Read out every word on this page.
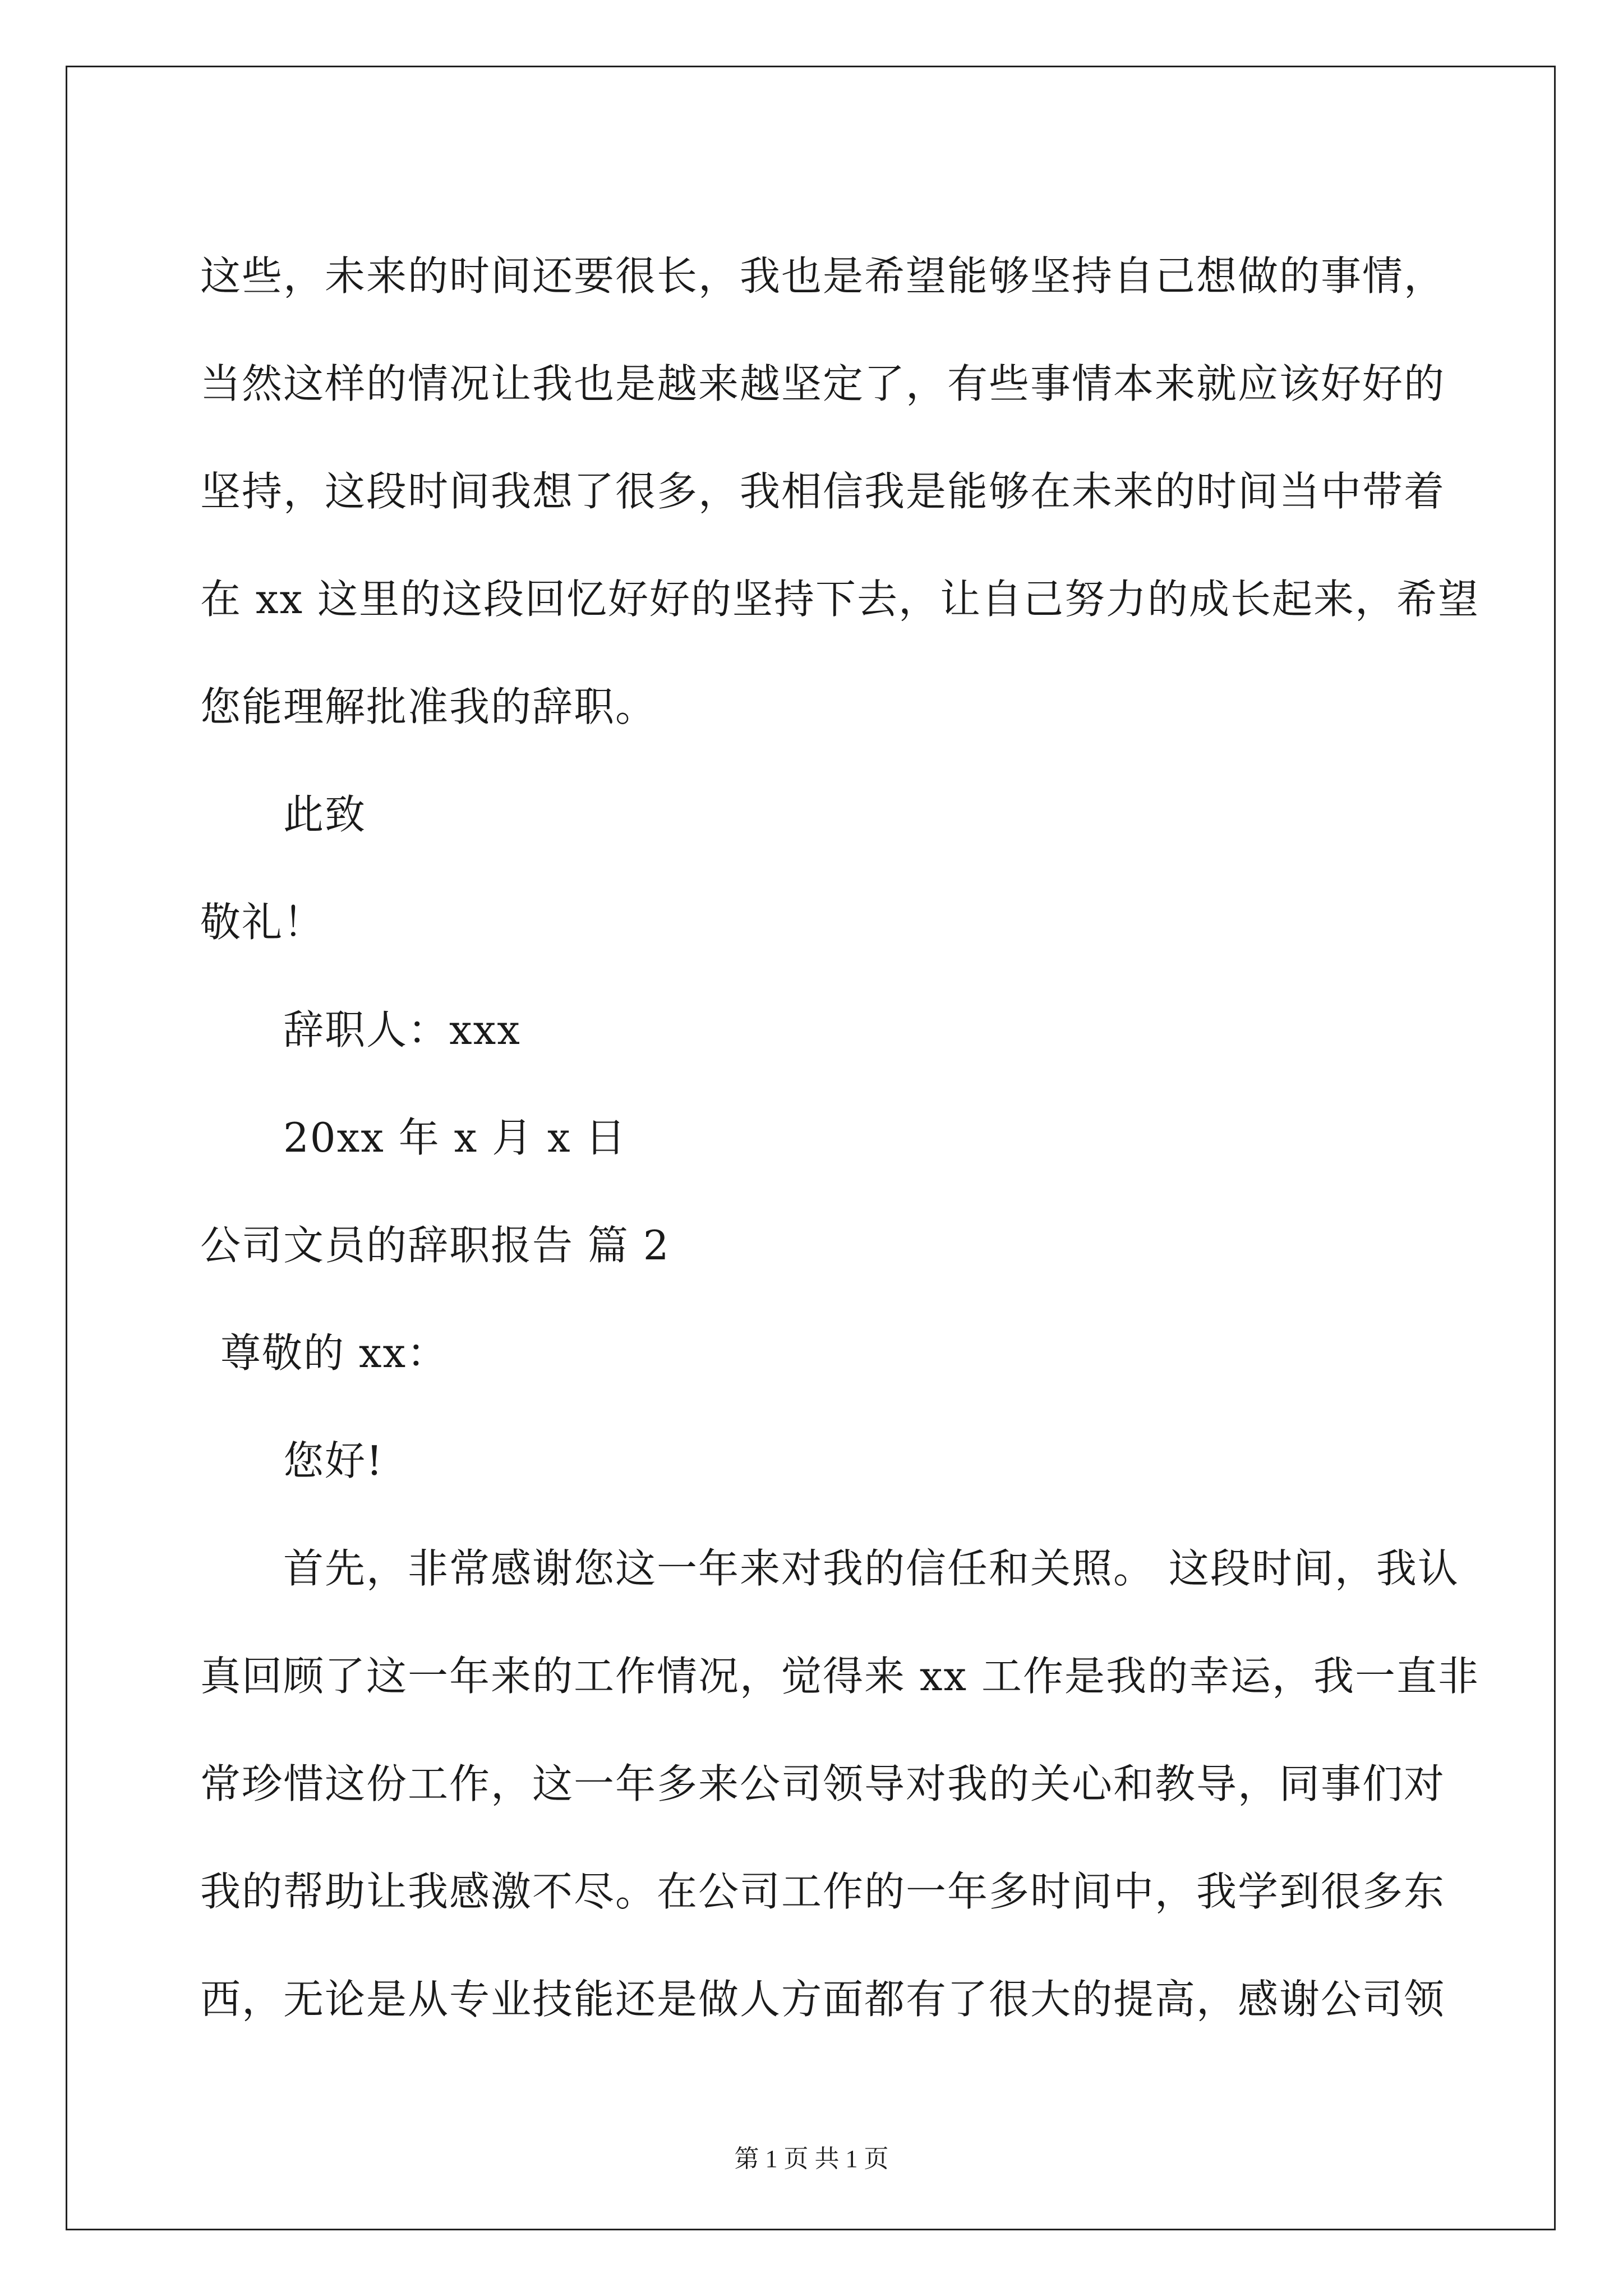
这些，未来的时间还要很长，我也是希望能够坚持自己想做的事情，
当然这样的情况让我也是越来越坚定了，有些事情本来就应该好好的
坚持，这段时间我想了很多，我相信我是能够在未来的时间当中带着
在 xx 这里的这段回忆好好的坚持下去，让自己努力的成长起来，希望
您能理解批准我的辞职。
此致
敬礼！
辞职人：xxx
20xx 年 x 月 x 日
公司文员的辞职报告 篇 2
尊敬的 xx：
您好!
首先，非常感谢您这一年来对我的信任和关照。 这段时间，我认
真回顾了这一年来的工作情况，觉得来 xx 工作是我的幸运，我一直非
常珍惜这份工作，这一年多来公司领导对我的关心和教导，同事们对
我的帮助让我感激不尽。在公司工作的一年多时间中，我学到很多东
西，无论是从专业技能还是做人方面都有了很大的提高，感谢公司领
第 1 页 共 1 页
